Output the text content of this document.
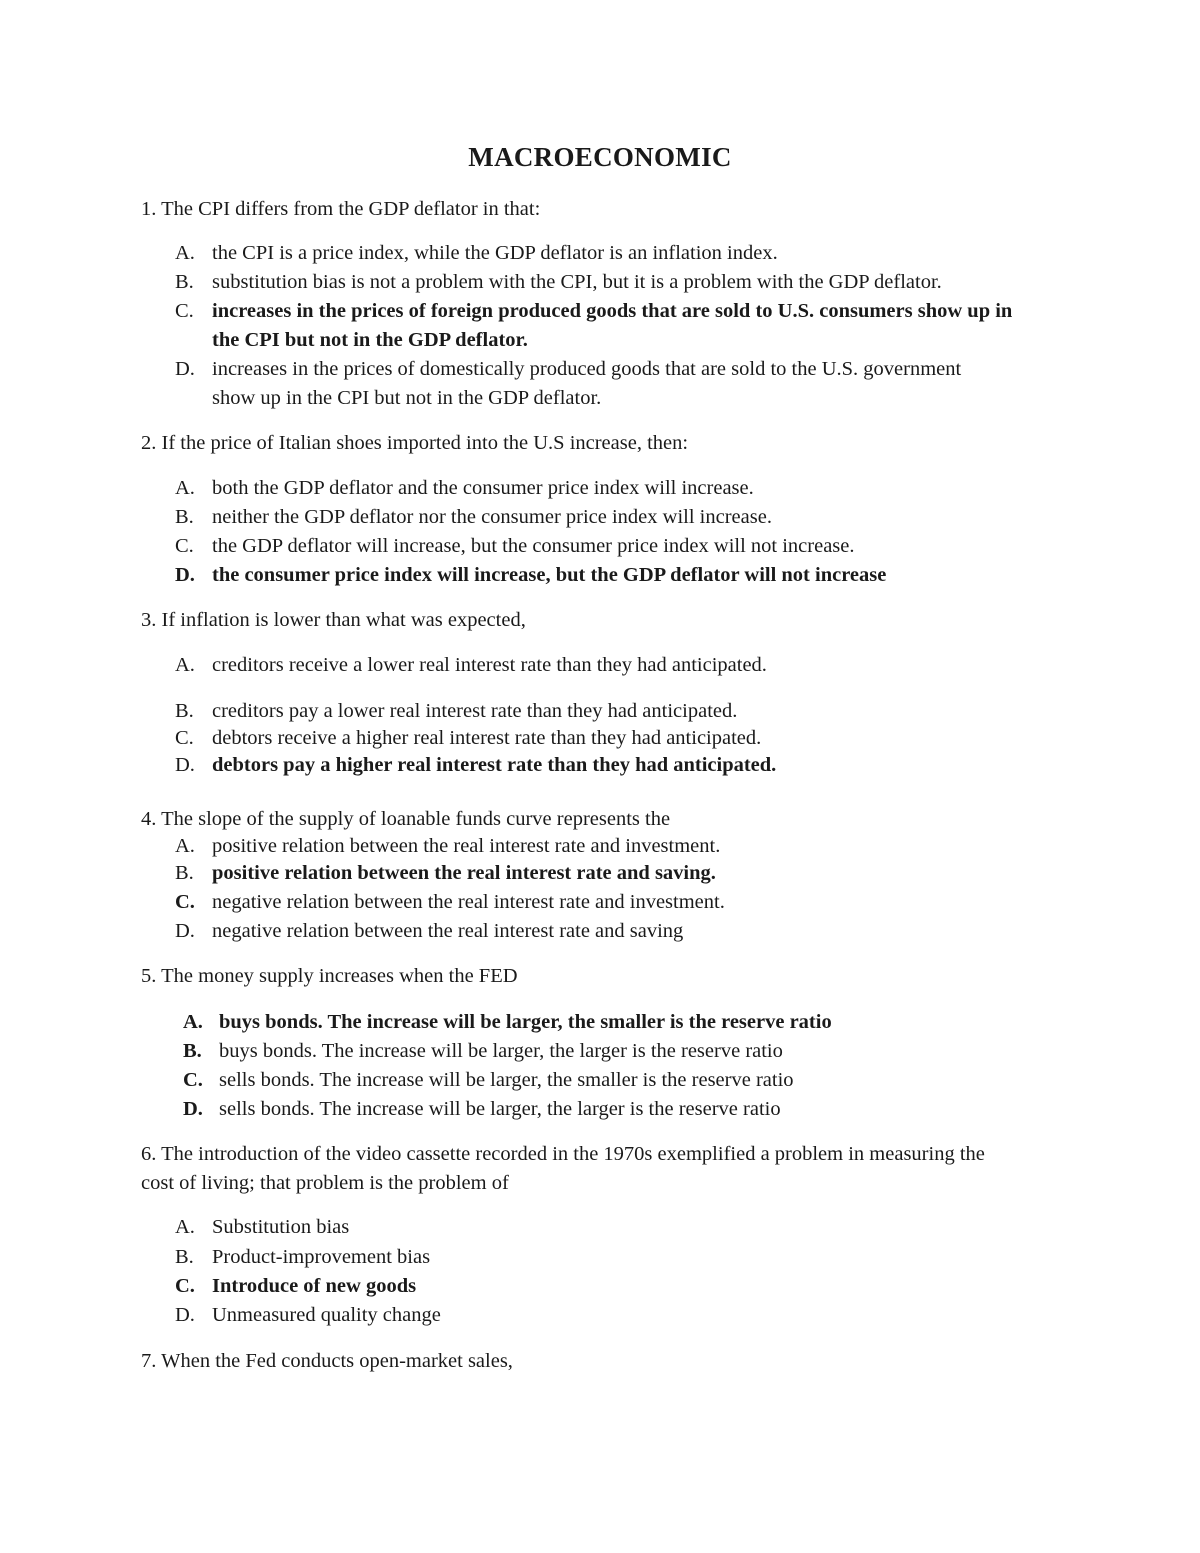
MACROECONOMIC
1. The CPI differs from the GDP deflator in that:
A. the CPI is a price index, while the GDP deflator is an inflation index.
B. substitution bias is not a problem with the CPI, but it is a problem with the GDP deflator.
C. increases in the prices of foreign produced goods that are sold to U.S. consumers show up in the CPI but not in the GDP deflator.
D. increases in the prices of domestically produced goods that are sold to the U.S. government show up in the CPI but not in the GDP deflator.
2. If the price of Italian shoes imported into the U.S increase, then:
A. both the GDP deflator and the consumer price index will increase.
B. neither the GDP deflator nor the consumer price index will increase.
C. the GDP deflator will increase, but the consumer price index will not increase.
D. the consumer price index will increase, but the GDP deflator will not increase
3. If inflation is lower than what was expected,
A. creditors receive a lower real interest rate than they had anticipated.
B. creditors pay a lower real interest rate than they had anticipated.
C. debtors receive a higher real interest rate than they had anticipated.
D. debtors pay a higher real interest rate than they had anticipated.
4. The slope of the supply of loanable funds curve represents the
A. positive relation between the real interest rate and investment.
B. positive relation between the real interest rate and saving.
C. negative relation between the real interest rate and investment.
D. negative relation between the real interest rate and saving
5. The money supply increases when the FED
A. buys bonds. The increase will be larger, the smaller is the reserve ratio
B. buys bonds. The increase will be larger, the larger is the reserve ratio
C. sells bonds. The increase will be larger, the smaller is the reserve ratio
D. sells bonds. The increase will be larger, the larger is the reserve ratio
6. The introduction of the video cassette recorded in the 1970s exemplified a problem in measuring the cost of living; that problem is the problem of
A. Substitution bias
B. Product-improvement bias
C. Introduce of new goods
D. Unmeasured quality change
7. When the Fed conducts open-market sales,
